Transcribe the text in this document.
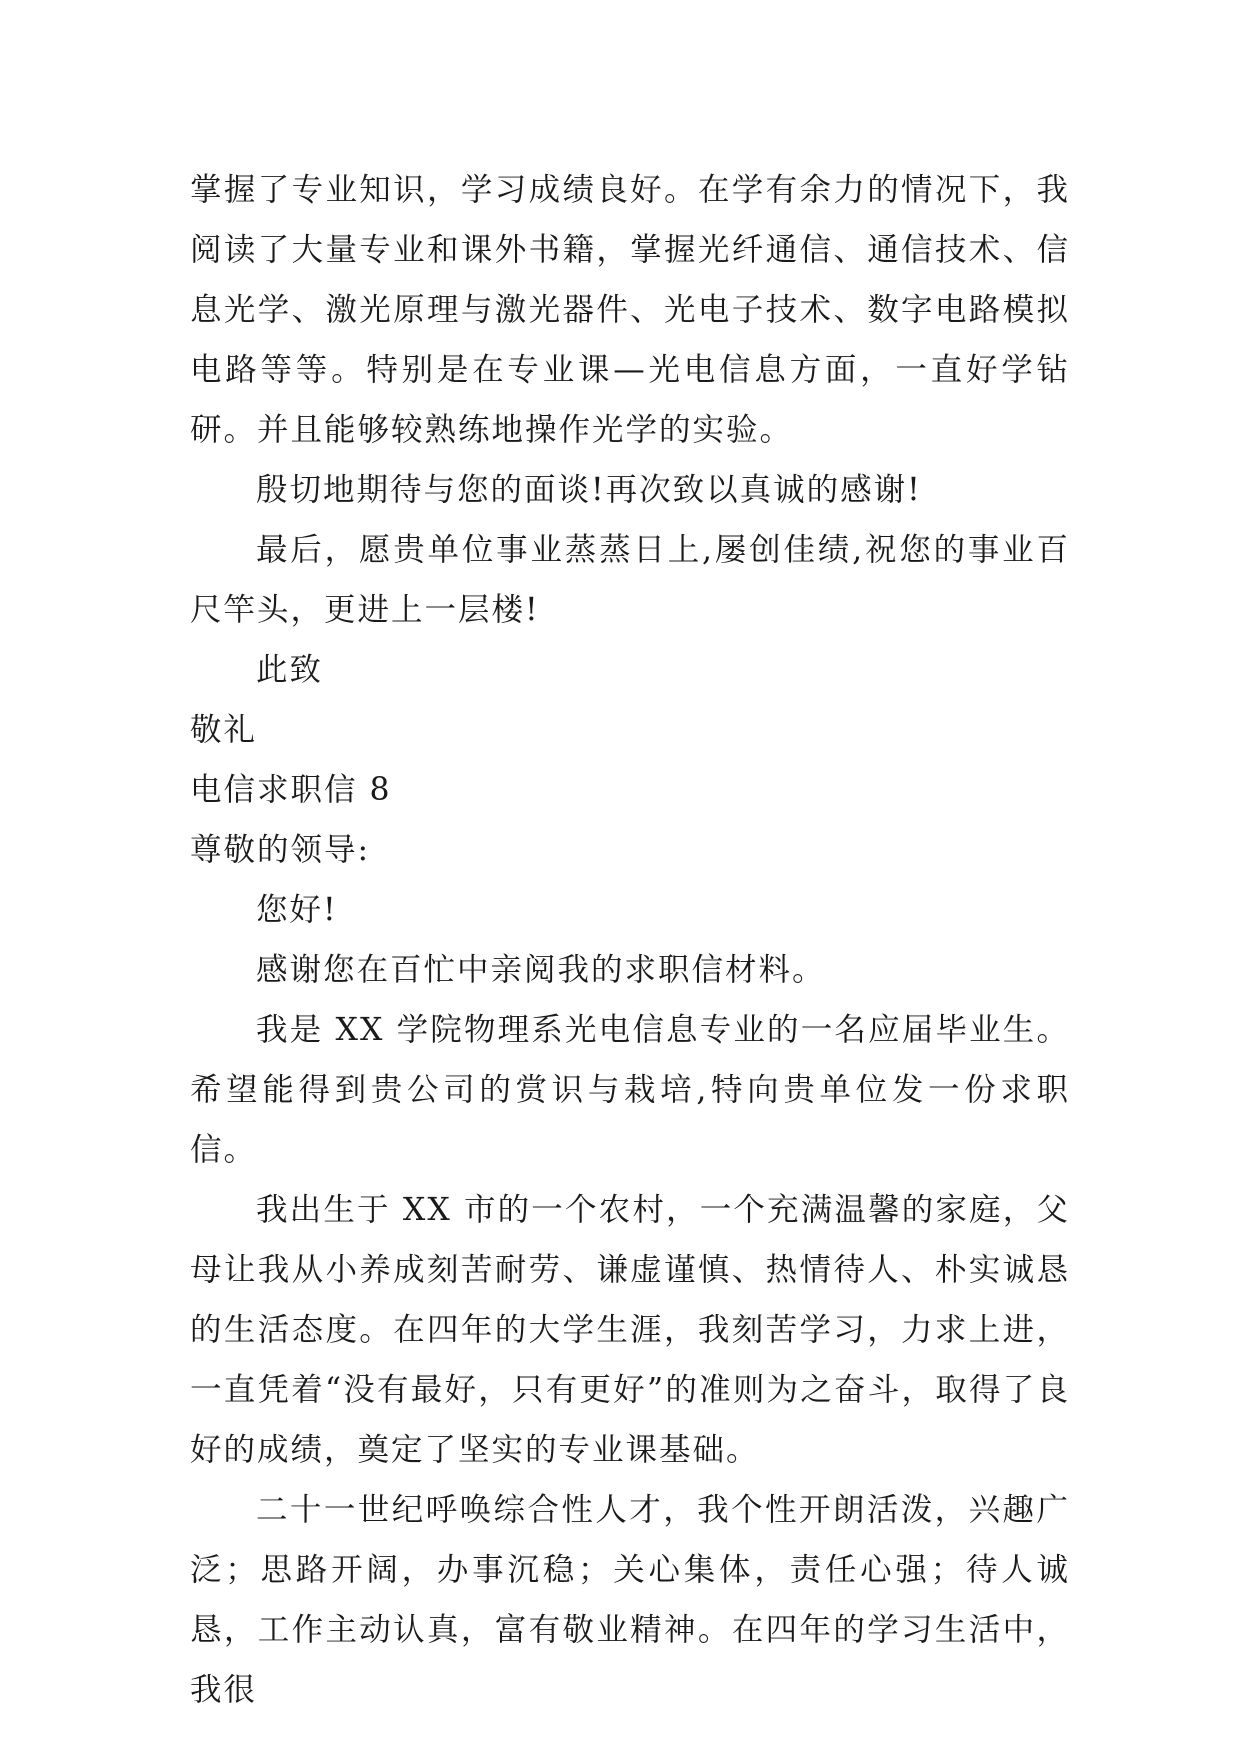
掌握了专业知识，学习成绩良好。在学有余力的情况下，我阅读了大量专业和课外书籍，掌握光纤通信、通信技术、信息光学、激光原理与激光器件、光电子技术、数字电路模拟电路等等。特别是在专业课—光电信息方面，一直好学钻研。并且能够较熟练地操作光学的实验。

殷切地期待与您的面谈!再次致以真诚的感谢!

最后，愿贵单位事业蒸蒸日上,屡创佳绩,祝您的事业百尺竿头，更进上一层楼!

此致

敬礼

电信求职信 8

尊敬的领导:

您好!

感谢您在百忙中亲阅我的求职信材料。

我是 XX 学院物理系光电信息专业的一名应届毕业生。希望能得到贵公司的赏识与栽培,特向贵单位发一份求职信。

我出生于 XX 市的一个农村，一个充满温馨的家庭，父母让我从小养成刻苦耐劳、谦虚谨慎、热情待人、朴实诚恳的生活态度。在四年的大学生涯，我刻苦学习，力求上进，一直凭着“没有最好，只有更好”的准则为之奋斗，取得了良好的成绩，奠定了坚实的专业课基础。

二十一世纪呼唤综合性人才，我个性开朗活泼，兴趣广泛；思路开阔，办事沉稳；关心集体，责任心强；待人诚恳，工作主动认真，富有敬业精神。在四年的学习生活中，我很
